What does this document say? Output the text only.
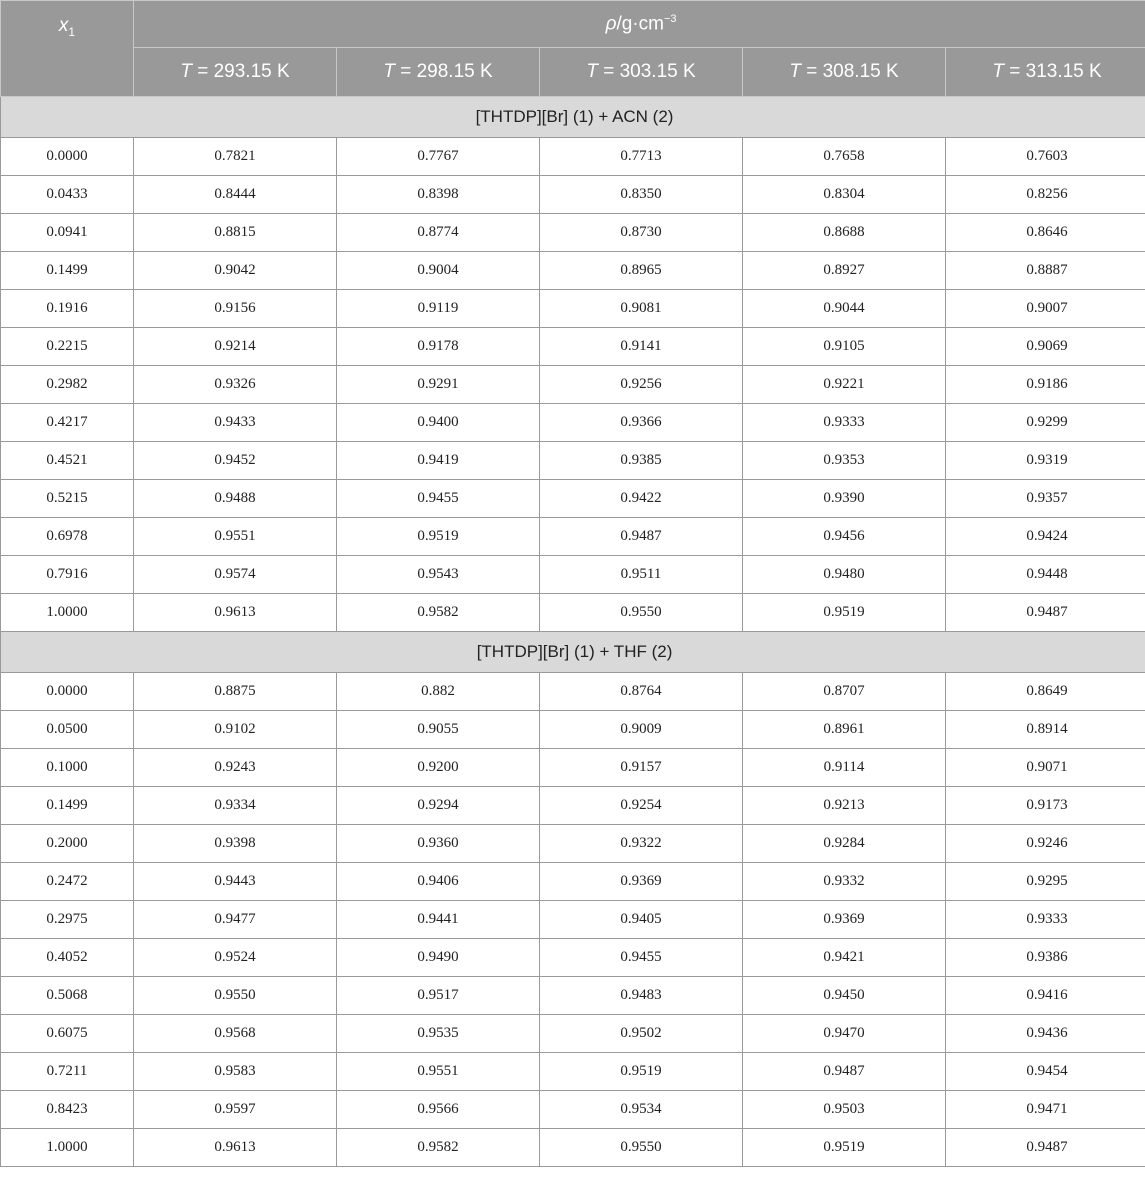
$x_1$	$\rho/g\cdot cm^{-3}$
	T = 293.15 K	T = 298.15 K	T = 303.15 K	T = 308.15 K	T = 313.15 K
[THTDP][Br] (1) + ACN (2)					
0.0000	0.7821	0.7767	0.7713	0.7658	0.7603
0.0433	0.8444	0.8398	0.8350	0.8304	0.8256
0.0941	0.8815	0.8774	0.8730	0.8688	0.8646
0.1499	0.9042	0.9004	0.8965	0.8927	0.8887
0.1916	0.9156	0.9119	0.9081	0.9044	0.9007
0.2215	0.9214	0.9178	0.9141	0.9105	0.9069
0.2982	0.9326	0.9291	0.9256	0.9221	0.9186
0.4217	0.9433	0.9400	0.9366	0.9333	0.9299
0.4521	0.9452	0.9419	0.9385	0.9353	0.9319
0.5215	0.9488	0.9455	0.9422	0.9390	0.9357
0.6978	0.9551	0.9519	0.9487	0.9456	0.9424
0.7916	0.9574	0.9543	0.9511	0.9480	0.9448
1.0000	0.9613	0.9582	0.9550	0.9519	0.9487
[THTDP][Br] (1) + THF (2)					
0.0000	0.8875	0.882	0.8764	0.8707	0.8649
0.0500	0.9102	0.9055	0.9009	0.8961	0.8914
0.1000	0.9243	0.9200	0.9157	0.9114	0.9071
0.1499	0.9334	0.9294	0.9254	0.9213	0.9173
0.2000	0.9398	0.9360	0.9322	0.9284	0.9246
0.2472	0.9443	0.9406	0.9369	0.9332	0.9295
0.2975	0.9477	0.9441	0.9405	0.9369	0.9333
0.4052	0.9524	0.9490	0.9455	0.9421	0.9386
0.5068	0.9550	0.9517	0.9483	0.9450	0.9416
0.6075	0.9568	0.9535	0.9502	0.9470	0.9436
0.7211	0.9583	0.9551	0.9519	0.9487	0.9454
0.8423	0.9597	0.9566	0.9534	0.9503	0.9471
1.0000	0.9613	0.9582	0.9550	0.9519	0.9487
